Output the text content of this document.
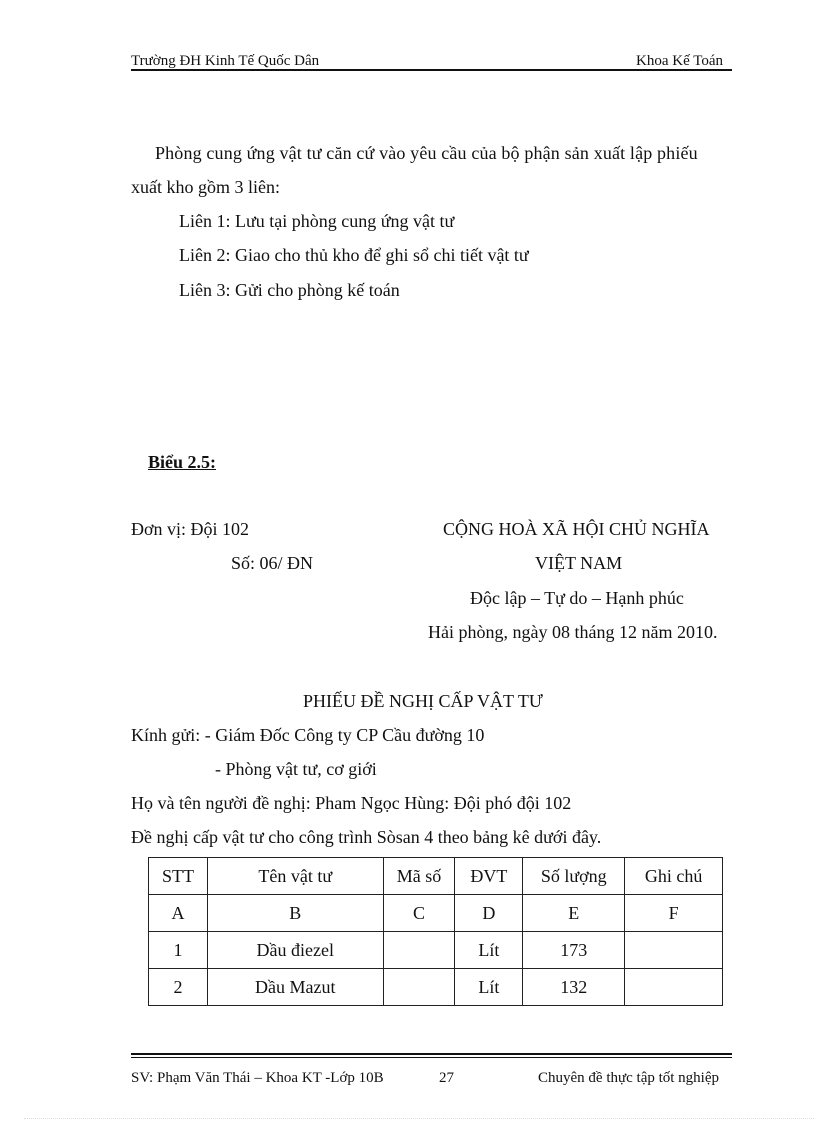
Trường ĐH Kinh Tế Quốc Dân	Khoa Kế Toán
Phòng cung ứng vật tư căn cứ vào yêu cầu của bộ phận sản xuất lập phiếu
xuất kho gồm 3 liên:
Liên 1: Lưu tại phòng cung ứng vật tư
Liên 2: Giao cho thủ kho để ghi sổ chi tiết vật tư
Liên 3: Gửi cho phòng kế toán
Biểu 2.5:
Đơn vị: Đội 102
Số: 06/ ĐN
CỘNG HOÀ XÃ HỘI CHỦ NGHĨA
VIỆT NAM
Độc lập – Tự do – Hạnh phúc
Hải phòng, ngày 08 tháng 12 năm 2010.
PHIẾU ĐỀ NGHỊ CẤP VẬT TƯ
Kính gửi: - Giám Đốc Công ty CP Cầu đường 10
- Phòng vật tư, cơ giới
Họ và tên người đề nghị: Pham Ngọc Hùng: Đội phó đội 102
Đề nghị cấp vật tư cho công trình Sòsan 4 theo bảng kê dưới đây.
STT	Tên vật tư	Mã số	ĐVT	Số lượng	Ghi chú
A	B	C	D	E	F
1	Dầu điezel		Lít	173	
2	Dầu Mazut		Lít	132	
SV: Phạm Văn Thái – Khoa KT -Lớp 10B	27	Chuyên đề thực tập tốt nghiệp
